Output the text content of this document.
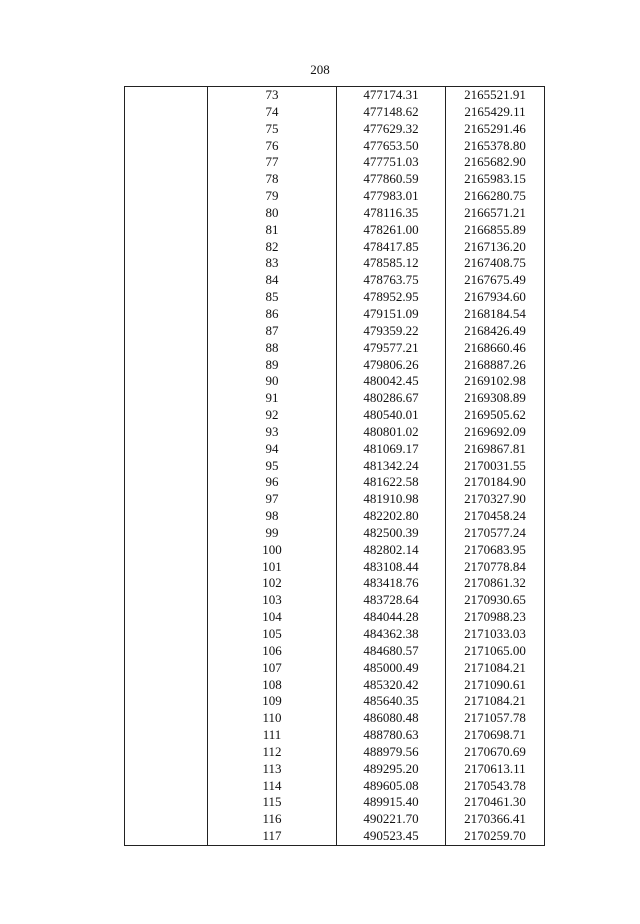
208
	73	477174.31	2165521.91
	74	477148.62	2165429.11
	75	477629.32	2165291.46
	76	477653.50	2165378.80
	77	477751.03	2165682.90
	78	477860.59	2165983.15
	79	477983.01	2166280.75
	80	478116.35	2166571.21
	81	478261.00	2166855.89
	82	478417.85	2167136.20
	83	478585.12	2167408.75
	84	478763.75	2167675.49
	85	478952.95	2167934.60
	86	479151.09	2168184.54
	87	479359.22	2168426.49
	88	479577.21	2168660.46
	89	479806.26	2168887.26
	90	480042.45	2169102.98
	91	480286.67	2169308.89
	92	480540.01	2169505.62
	93	480801.02	2169692.09
	94	481069.17	2169867.81
	95	481342.24	2170031.55
	96	481622.58	2170184.90
	97	481910.98	2170327.90
	98	482202.80	2170458.24
	99	482500.39	2170577.24
	100	482802.14	2170683.95
	101	483108.44	2170778.84
	102	483418.76	2170861.32
	103	483728.64	2170930.65
	104	484044.28	2170988.23
	105	484362.38	2171033.03
	106	484680.57	2171065.00
	107	485000.49	2171084.21
	108	485320.42	2171090.61
	109	485640.35	2171084.21
	110	486080.48	2171057.78
	111	488780.63	2170698.71
	112	488979.56	2170670.69
	113	489295.20	2170613.11
	114	489605.08	2170543.78
	115	489915.40	2170461.30
	116	490221.70	2170366.41
	117	490523.45	2170259.70
